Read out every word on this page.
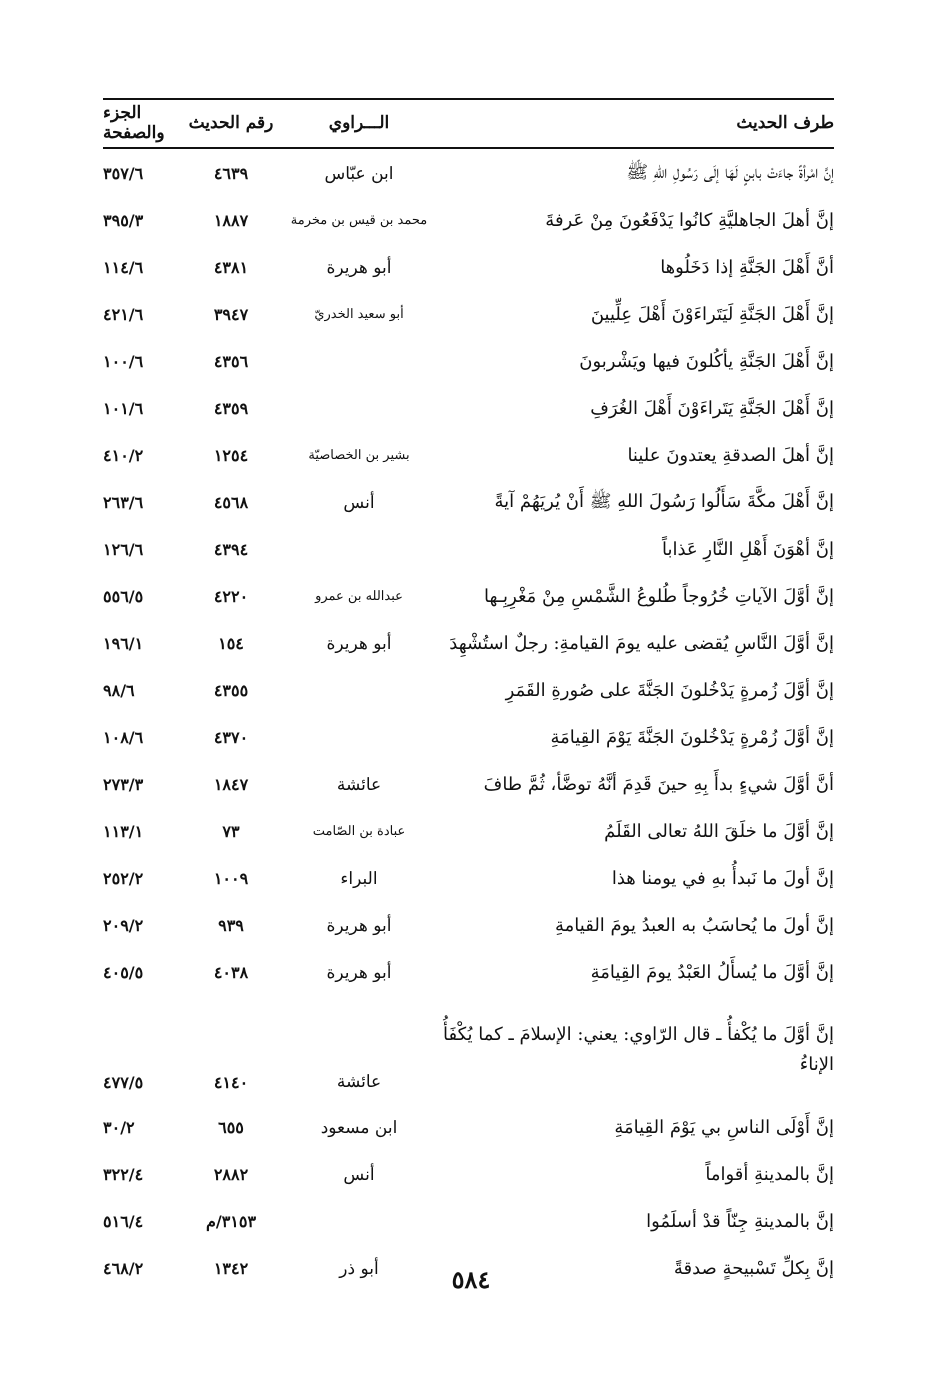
طرف الحديث	الـــراوي	رقم الحديث	الجزء والصفحة

إنَّ امْرأةً جاءَتْ بابنٍ لَهَا إلَى رَسُولِ اللهِ ﷺ	ابن عبّاس	٤٦٣٩	٣٥٧/٦
إنَّ أهلَ الجاهليَّةِ كانُوا يَدْفَعُونَ مِنْ عَرفةَ	محمد بن قيس بن مخرمة	١٨٨٧	٣٩٥/٣
أنَّ أَهْلَ الجَنَّةِ إذا دَخَلُوها	أبو هريرة	٤٣٨١	١١٤/٦
إنَّ أَهْلَ الجَنَّةِ لَيَتَراءَوْنَ أَهْلَ عِلِّيينَ	أبو سعيد الخدريّ	٣٩٤٧	٤٢١/٦
إنَّ أَهْلَ الجَنَّةِ يأكُلونَ فيها ويَشْربونَ		٤٣٥٦	١٠٠/٦
إنَّ أَهْلَ الجَنَّةِ يَتَراءَوْنَ أَهْلَ الغُرَفِ		٤٣٥٩	١٠١/٦
إنَّ أهلَ الصدقةِ يعتدونَ علينا	بشير بن الخصاصيّة	١٢٥٤	٤١٠/٢
إنَّ أَهْلَ مكَّةَ سَأَلُوا رَسُولَ اللهِ ﷺ أَنْ يُريَهُمْ آيةً	أنس	٤٥٦٨	٢٦٣/٦
إنَّ أهْوَنَ أَهْلِ النَّارِ عَذاباً		٤٣٩٤	١٢٦/٦
إنَّ أوَّلَ الآياتِ خُرُوجاً طُلوعُ الشَّمْسِ مِنْ مَغْرِبِـها	عبدالله بن عمرو	٤٢٢٠	٥٥٦/٥
إنَّ أوَّلَ النَّاسِ يُقضى عليه يومَ القيامةِ: رجلٌ استُشْهِدَ	أبو هريرة	١٥٤	١٩٦/١
إنَّ أوَّلَ زُمرةٍ يَدْخُلونَ الجَنَّةَ على صُورةِ القَمَرِ		٤٣٥٥	٩٨/٦
إنَّ أوَّلَ زُمْرةٍ يَدْخُلونَ الجَنَّةَ يَوْمَ القِيامَةِ		٤٣٧٠	١٠٨/٦
أنَّ أوَّلَ شيءٍ بدأَ بِهِ حينَ قَدِمَ أنَّهُ توضَّأ، ثُمَّ طافَ	عائشة	١٨٤٧	٢٧٣/٣
إنَّ أوَّلَ ما خلَقَ اللهُ تعالى القَلَمُ	عبادة بن الصّامت	٧٣	١١٣/١
إنَّ أولَ ما نَبدأُ بهِ في يومنا هذا	البراء	١٠٠٩	٢٥٢/٢
إنَّ أولَ ما يُحاسَبُ به العبدُ يومَ القيامةِ	أبو هريرة	٩٣٩	٢٠٩/٢
إنَّ أوَّلَ ما يُسأَلُ العَبْدُ يومَ القِيامَةِ	أبو هريرة	٤٠٣٨	٤٠٥/٥
إنَّ أوَّلَ ما يُكْفأُ ـ قال الرّاوي: يعني: الإسلامَ ـ كما يُكْفَأُ الإناءُ	عائشة	٤١٤٠	٤٧٧/٥
إنَّ أَوْلَى الناسِ بي يَوْمَ القِيامَةِ	ابن مسعود	٦٥٥	٣٠/٢
إنَّ بالمدينةِ أقواماً	أنس	٢٨٨٢	٣٢٢/٤
إنَّ بالمدينةِ جِنّاً قدْ أسلَمُوا		٣١٥٣/م	٥١٦/٤
إنَّ بِكلِّ تَسْبيحةٍ صدقةً	أبو ذر	١٣٤٢	٤٦٨/٢	٥٨٤
